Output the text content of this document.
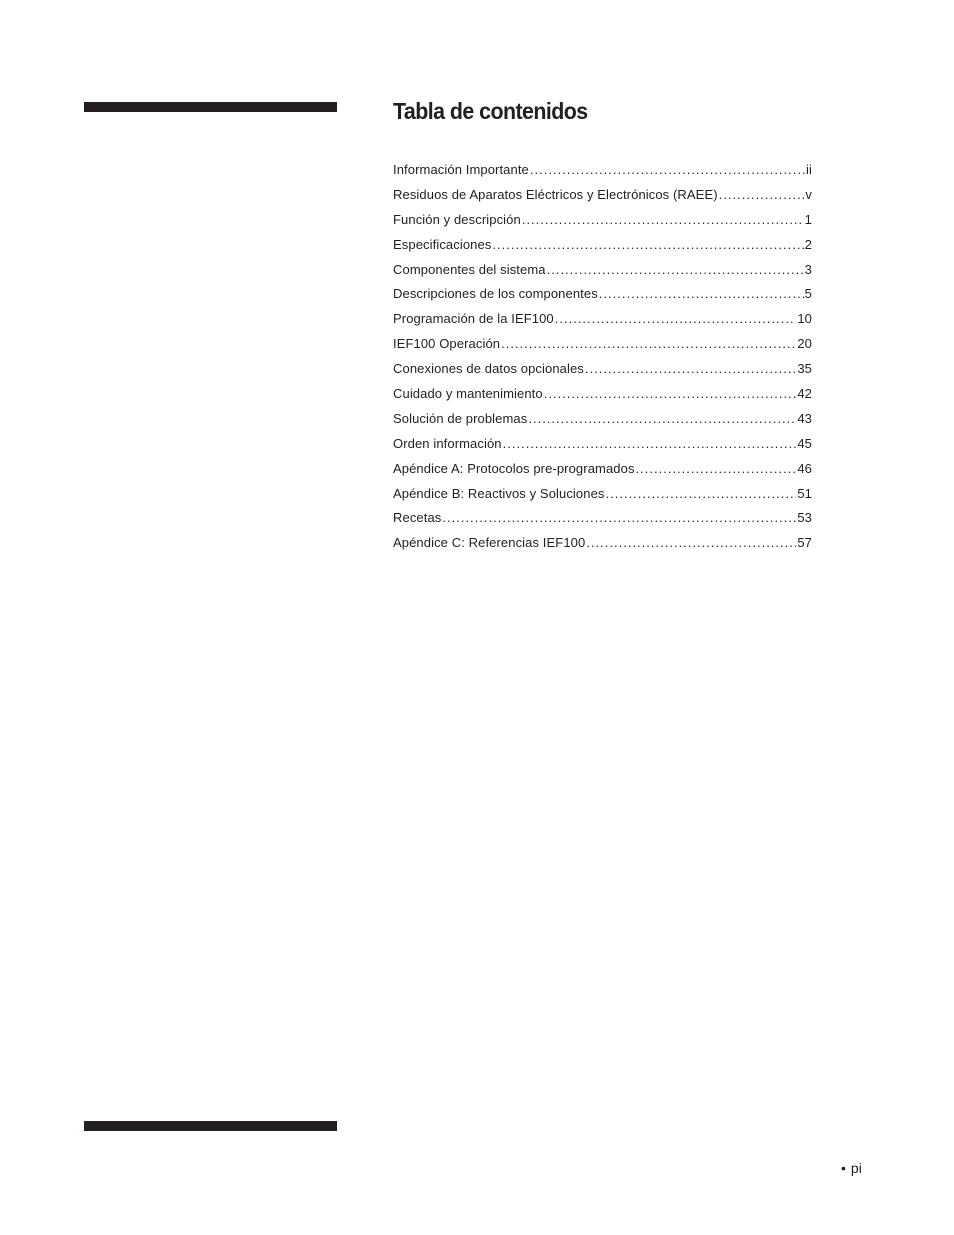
Tabla de contenidos
Información Importante .....	ii
Residuos de Aparatos Eléctricos y Electrónicos (RAEE) .....	v
Función y descripción .....	1
Especificaciones .....	2
Componentes del sistema .....	3
Descripciones de los componentes .....	5
Programación de la IEF100 .....	10
IEF100 Operación .....	20
Conexiones de datos opcionales .....	35
Cuidado y mantenimiento .....	42
Solución de problemas .....	43
Orden información .....	45
Apéndice A: Protocolos pre-programados .....	46
Apéndice B: Reactivos y Soluciones .....	51
Recetas .....	53
Apéndice C: Referencias IEF100 .....	57
• pi
